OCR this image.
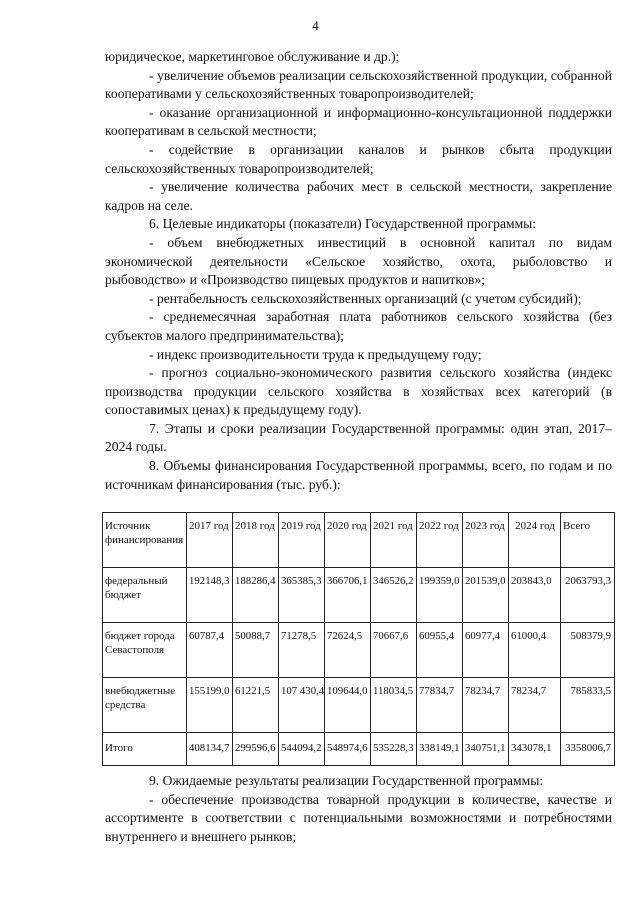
4

юридическое, маркетинговое обслуживание и др.);

- увеличение объемов реализации сельскохозяйственной продукции, собранной кооперативами у сельскохозяйственных товаропроизводителей;

- оказание организационной и информационно-консультационной поддержки кооперативам в сельской местности;

- содействие в организации каналов и рынков сбыта продукции сельскохозяйственных товаропроизводителей;

- увеличение количества рабочих мест в сельской местности, закрепление кадров на селе.

6. Целевые индикаторы (показатели) Государственной программы:

- объем внебюджетных инвестиций в основной капитал по видам экономической деятельности «Сельское хозяйство, охота, рыболовство и рыбоводство» и «Производство пищевых продуктов и напитков»;

- рентабельность сельскохозяйственных организаций (с учетом субсидий);

- среднемесячная заработная плата работников сельского хозяйства (без субъектов малого предпринимательства);

- индекс производительности труда к предыдущему году;

- прогноз социально-экономического развития сельского хозяйства (индекс производства продукции сельского хозяйства в хозяйствах всех категорий (в сопоставимых ценах) к предыдущему году).

7. Этапы и сроки реализации Государственной программы: один этап, 2017–2024 годы.

8. Объемы финансирования Государственной программы, всего, по годам и по источникам финансирования (тыс. руб.):

Источник финансирования	2017 год	2018 год	2019 год	2020 год	2021 год	2022 год	2023 год	2024 год	Всего
федеральный бюджет	192148,3	188286,4	365385,3	366706,1	346526,2	199359,0	201539,0	203843,0	2063793,3
бюджет города Севастополя	60787,4	50088,7	71278,5	72624,5	70667,6	60955,4	60977,4	61000,4	508379,9
внебюджетные средства	155199,0	61221,5	107 430,4	109644,0	118034,5	77834,7	78234,7	78234,7	785833,5
Итого	408134,7	299596,6	544094,2	548974,6	535228,3	338149,1	340751,1	343078,1	3358006,7

9. Ожидаемые результаты реализации Государственной программы:

- обеспечение производства товарной продукции в количестве, качестве и ассортименте в соответствии с потенциальными возможностями и потребностями внутреннего и внешнего рынков;
